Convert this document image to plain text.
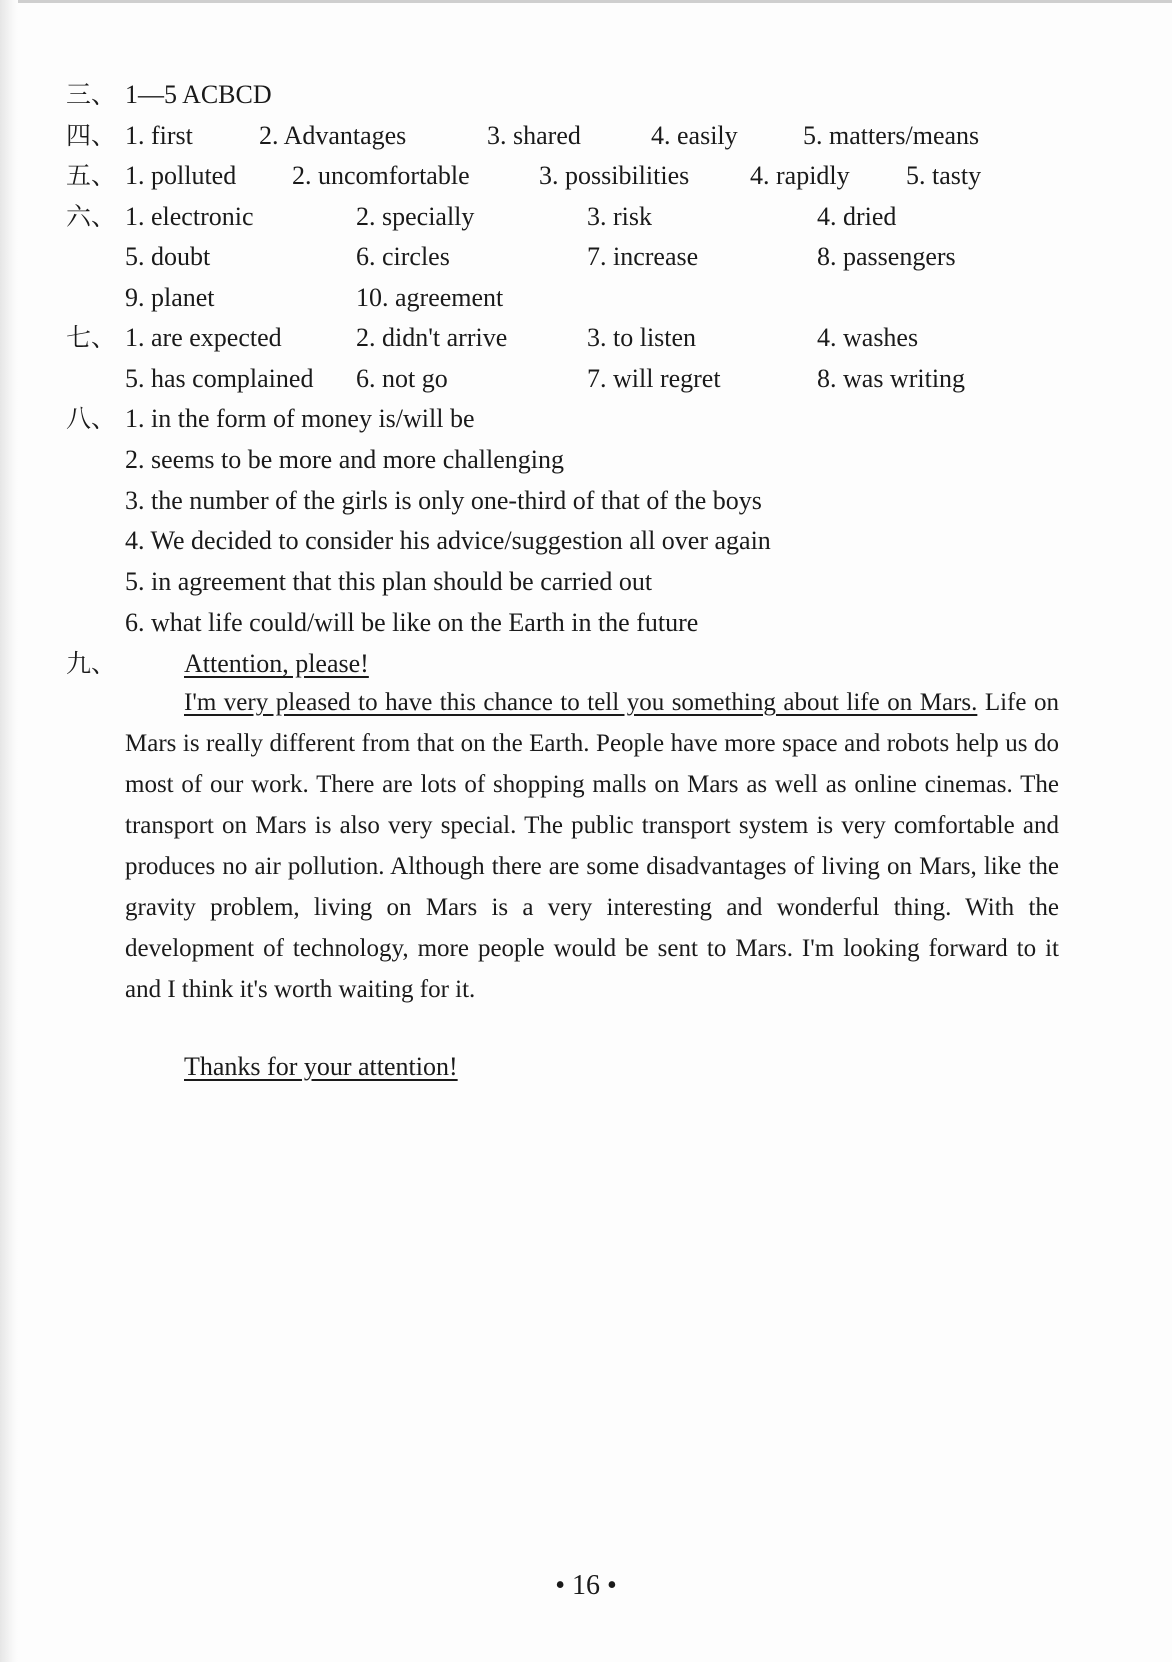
三、 1—5 ACBCD
四、 1. first	2. Advantages	3. shared	4. easily	5. matters/means
五、 1. polluted 2. uncomfortable	3. possibilities 4. rapidly 5. tasty
六、 1. electronic	2. specially	3. risk	4. dried
5. doubt	6. circles	7. increase	8. passengers
9. planet	10. agreement
七、 1. are expected	2. didn't arrive	3. to listen	4. washes
5. has complained 6. not go	7. will regret	8. was writing
八、 1. in the form of money is/will be
2. seems to be more and more challenging
3. the number of the girls is only one-third of that of the boys
4. We decided to consider his advice/suggestion all over again
5. in agreement that this plan should be carried out
6. what life could/will be like on the Earth in the future
九、	Attention, please!
I'm very pleased to have this chance to tell you something about life on Mars. Life on Mars is really different from that on the Earth. People have more space and robots help us do most of our work. There are lots of shopping malls on Mars as well as online cinemas. The transport on Mars is also very special. The public transport system is very comfortable and produces no air pollution. Although there are some disadvantages of living on Mars, like the gravity problem, living on Mars is a very interesting and wonderful thing. With the development of technology, more people would be sent to Mars. I'm looking forward to it and I think it's worth waiting for it.
Thanks for your attention!
• 16 •
